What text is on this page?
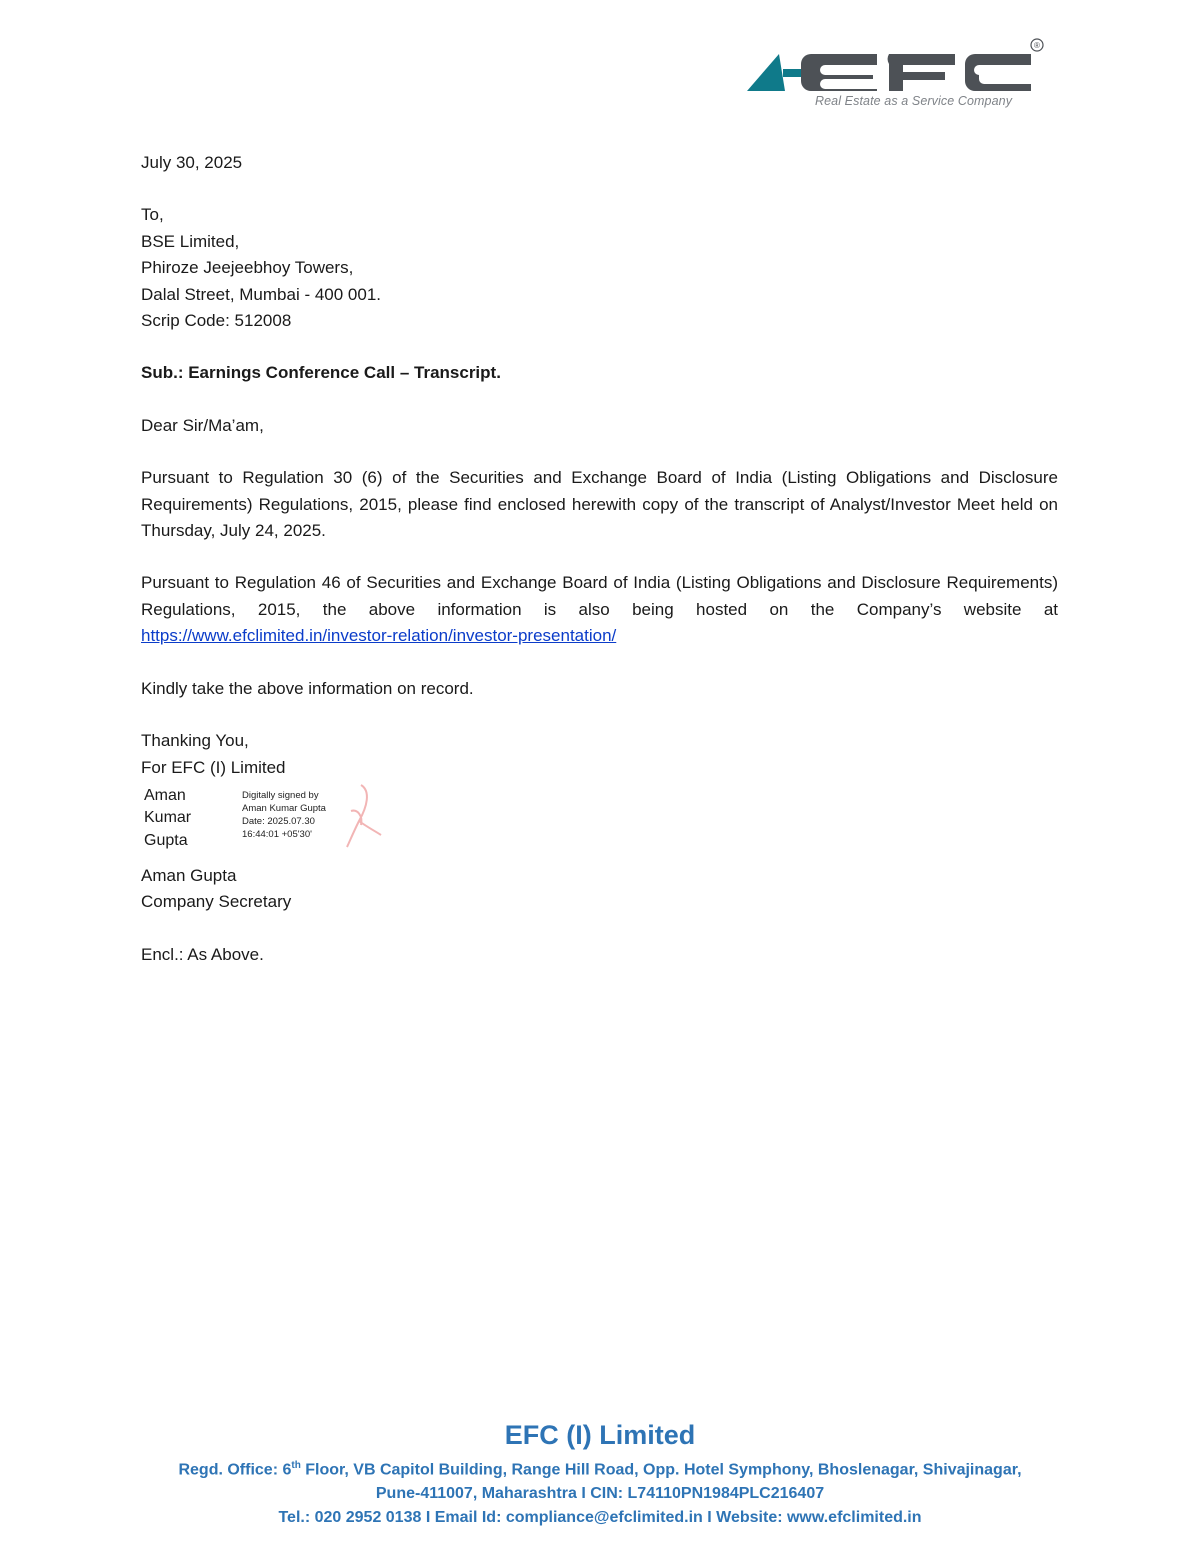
®
Real Estate as a Service Company

July 30, 2025

To,

BSE Limited,

Phiroze Jeejeebhoy Towers,

Dalal Street, Mumbai - 400 001.

Scrip Code: 512008

Sub.: Earnings Conference Call – Transcript.

Dear Sir/Ma’am,

Pursuant to Regulation 30 (6) of the Securities and Exchange Board of India (Listing Obligations and Disclosure Requirements) Regulations, 2015, please find enclosed herewith copy of the transcript of Analyst/Investor Meet held on Thursday, July 24, 2025.

Pursuant to Regulation 46 of Securities and Exchange Board of India (Listing Obligations and Disclosure Requirements) Regulations, 2015, the above information is also being hosted on the Company’s website at https://www.efclimited.in/investor-relation/investor-presentation/

Kindly take the above information on record.

Thanking You,

For EFC (I) Limited

Aman
Kumar
Gupta
Digitally signed by
Aman Kumar Gupta
Date: 2025.07.30
16:44:01 +05'30'

Aman Gupta

Company Secretary

Encl.: As Above.

EFC (I) Limited
Regd. Office: 6th Floor, VB Capitol Building, Range Hill Road, Opp. Hotel Symphony, Bhoslenagar, Shivajinagar,
Pune-411007, Maharashtra I CIN: L74110PN1984PLC216407
Tel.: 020 2952 0138 I Email Id: compliance@efclimited.in I Website: www.efclimited.in
